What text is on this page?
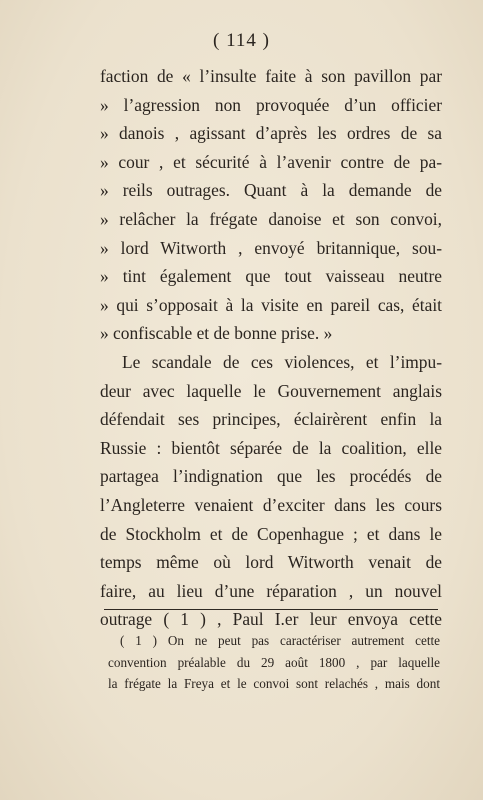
( 114 )
faction de « l’insulte faite à son pavillon par
» l’agression non provoquée d’un officier
» danois , agissant d’après les ordres de sa
» cour , et sécurité à l’avenir contre de pa-
» reils outrages. Quant à la demande de
» relâcher la frégate danoise et son convoi,
» lord Witworth , envoyé britannique, sou-
» tint également que tout vaisseau neutre
» qui s’opposait à la visite en pareil cas, était
» confiscable et de bonne prise. »
Le scandale de ces violences, et l’impu-
deur avec laquelle le Gouvernement anglais
défendait ses principes, éclairèrent enfin la
Russie : bientôt séparée de la coalition, elle
partagea l’indignation que les procédés de
l’Angleterre venaient d’exciter dans les cours
de Stockholm et de Copenhague ; et dans le
temps même où lord Witworth venait de
faire, au lieu d’une réparation , un nouvel
outrage ( 1 ) , Paul I.er leur envoya cette
( 1 ) On ne peut pas caractériser autrement cette
convention préalable du 29 août 1800 , par laquelle
la frégate la Freya et le convoi sont relachés , mais dont
